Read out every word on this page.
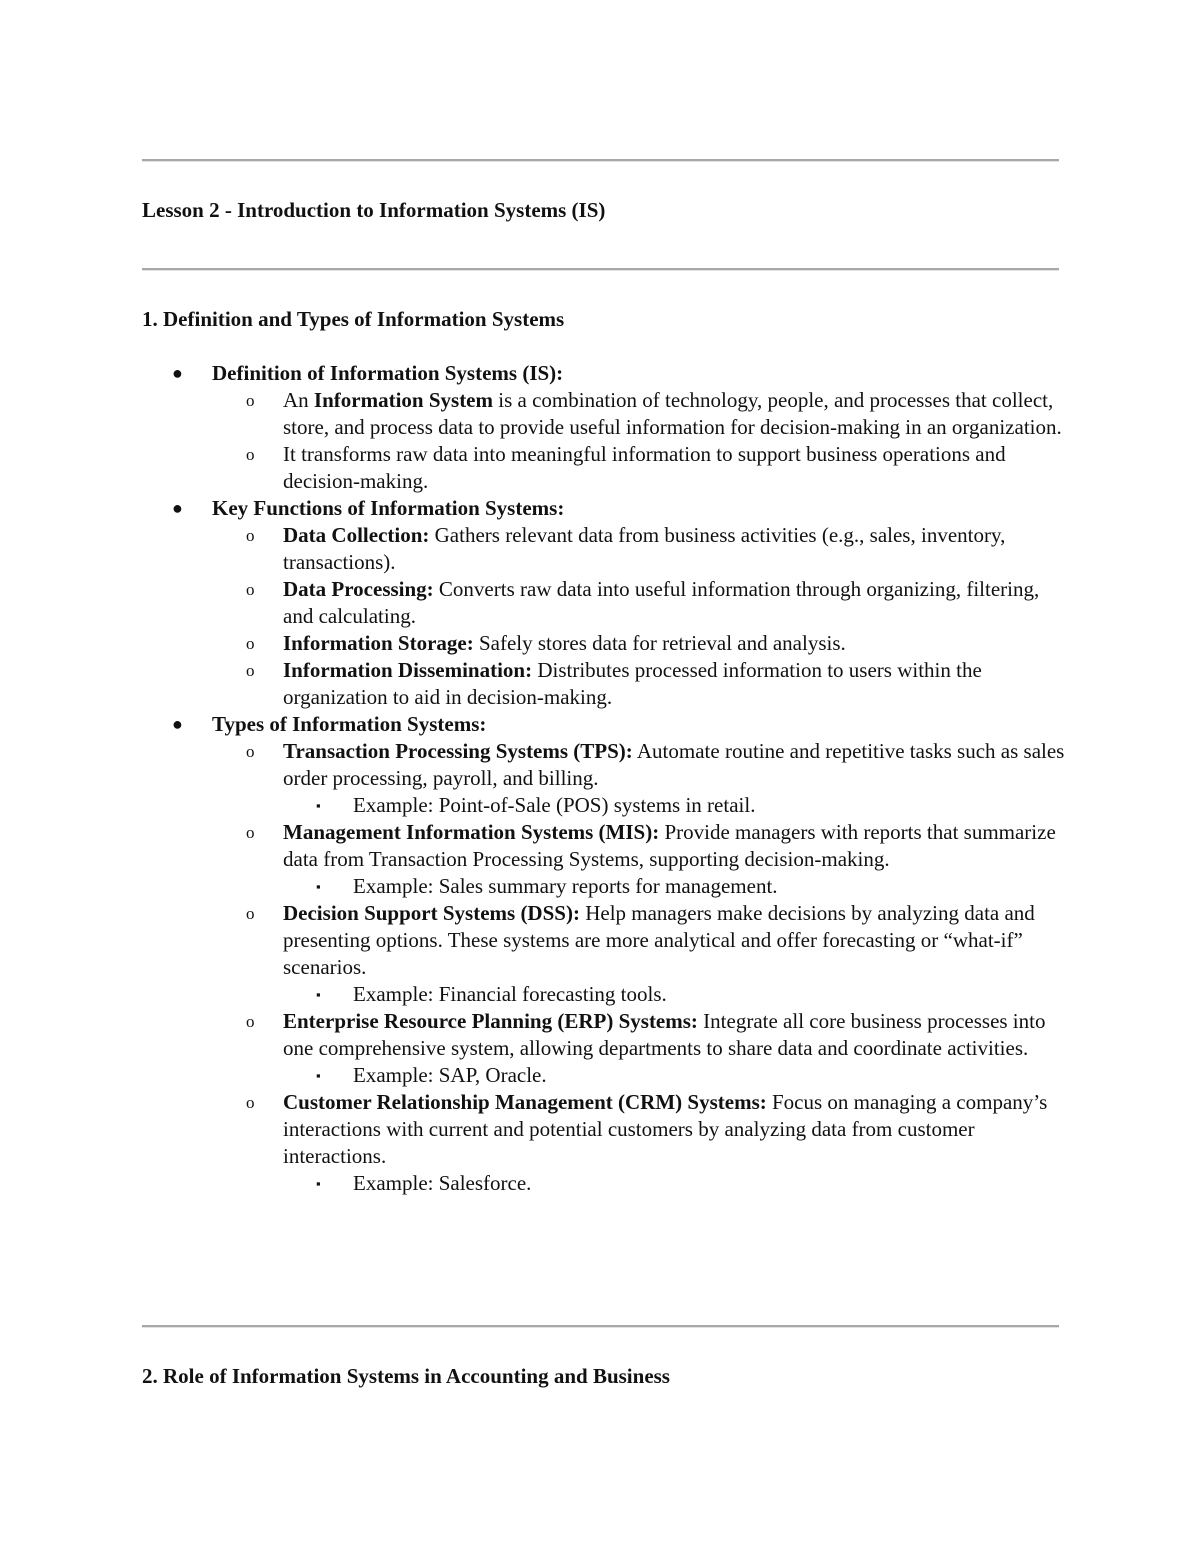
Lesson 2 - Introduction to Information Systems (IS)
1. Definition and Types of Information Systems
● Definition of Information Systems (IS):
o An Information System is a combination of technology, people, and processes that collect, store, and process data to provide useful information for decision-making in an organization.
o It transforms raw data into meaningful information to support business operations and decision-making.
● Key Functions of Information Systems:
o Data Collection: Gathers relevant data from business activities (e.g., sales, inventory, transactions).
o Data Processing: Converts raw data into useful information through organizing, filtering, and calculating.
o Information Storage: Safely stores data for retrieval and analysis.
o Information Dissemination: Distributes processed information to users within the organization to aid in decision-making.
● Types of Information Systems:
o Transaction Processing Systems (TPS): Automate routine and repetitive tasks such as sales order processing, payroll, and billing.
▪ Example: Point-of-Sale (POS) systems in retail.
o Management Information Systems (MIS): Provide managers with reports that summarize data from Transaction Processing Systems, supporting decision-making.
▪ Example: Sales summary reports for management.
o Decision Support Systems (DSS): Help managers make decisions by analyzing data and presenting options. These systems are more analytical and offer forecasting or “what-if” scenarios.
▪ Example: Financial forecasting tools.
o Enterprise Resource Planning (ERP) Systems: Integrate all core business processes into one comprehensive system, allowing departments to share data and coordinate activities.
▪ Example: SAP, Oracle.
o Customer Relationship Management (CRM) Systems: Focus on managing a company’s interactions with current and potential customers by analyzing data from customer interactions.
▪ Example: Salesforce.
2. Role of Information Systems in Accounting and Business
